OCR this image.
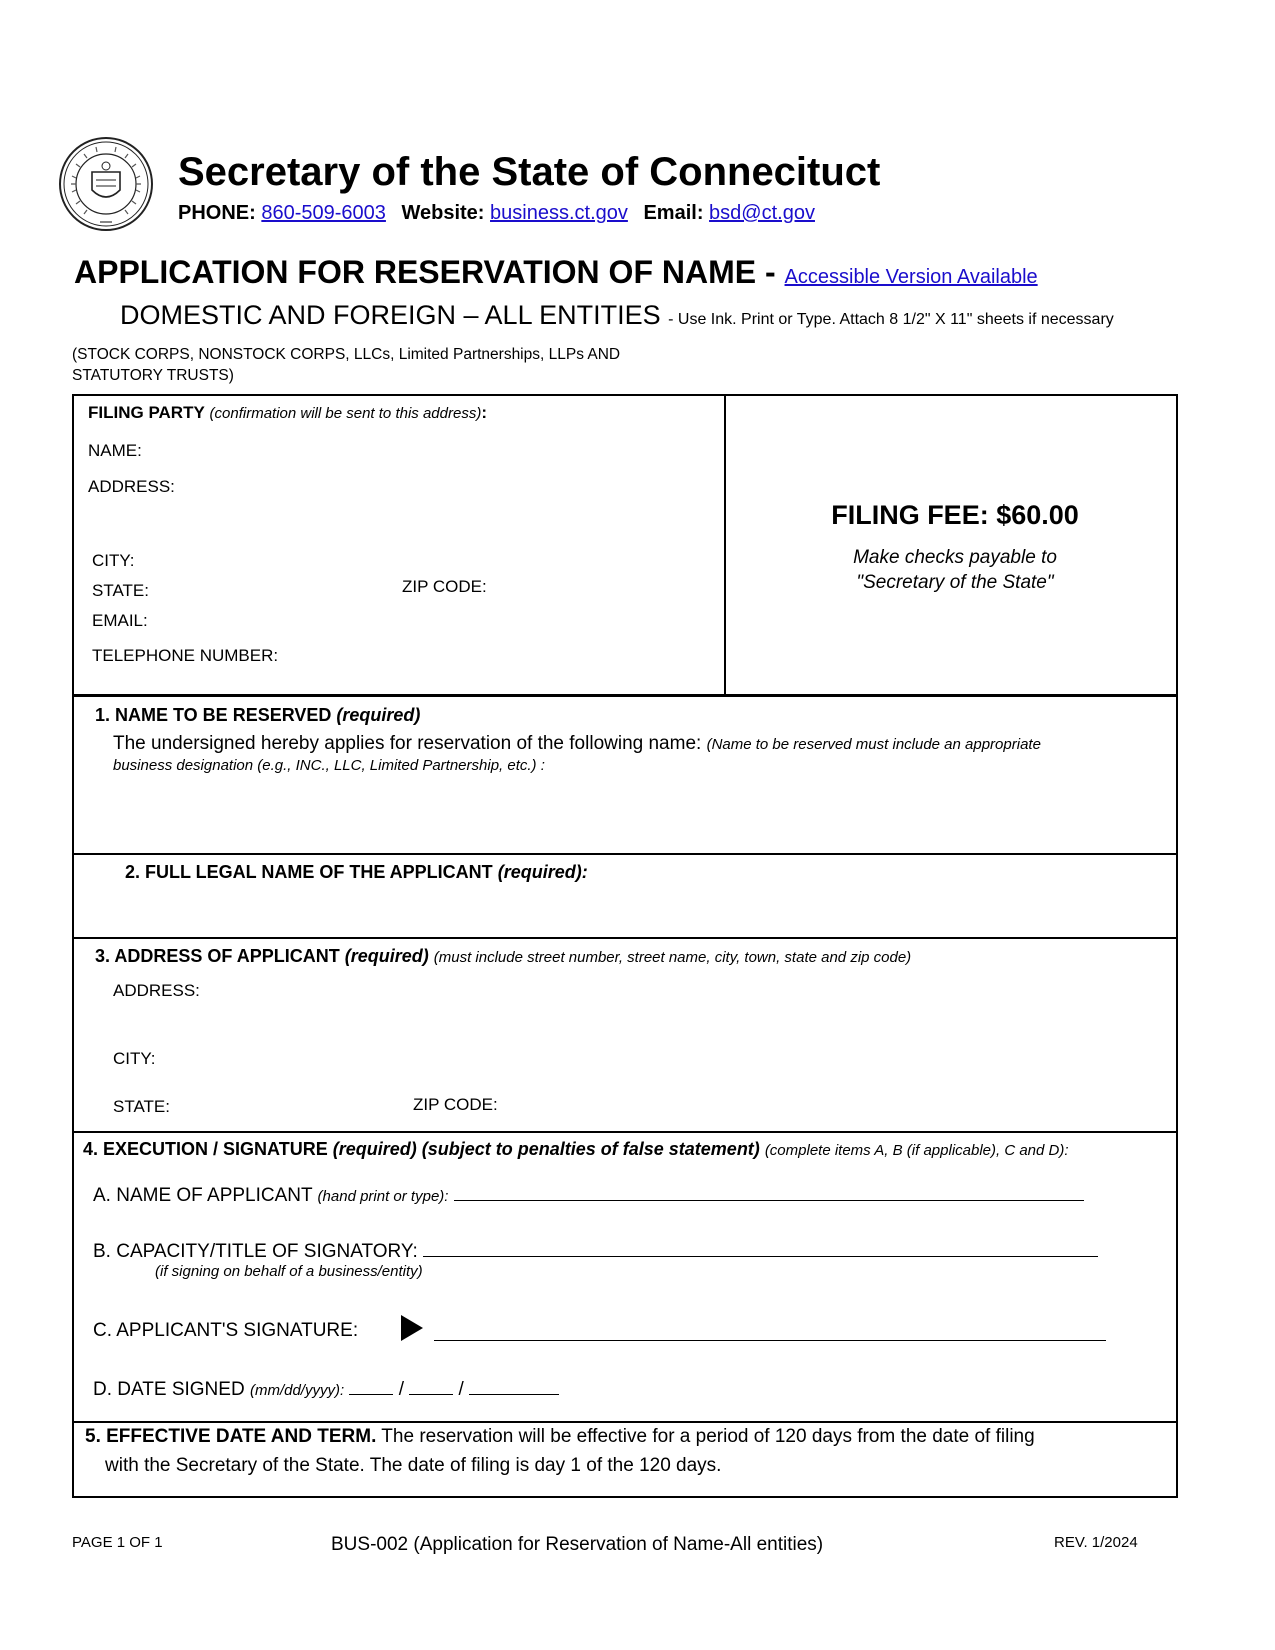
Secretary of the State of Connecituct
PHONE: 860-509-6003 Website: business.ct.gov Email: bsd@ct.gov
APPLICATION FOR RESERVATION OF NAME - Accessible Version Available
DOMESTIC AND FOREIGN – ALL ENTITIES - Use Ink. Print or Type. Attach 8 1/2" X 11" sheets if necessary
(STOCK CORPS, NONSTOCK CORPS, LLCs, Limited Partnerships, LLPs AND
STATUTORY TRUSTS)
FILING PARTY (confirmation will be sent to this address):
NAME:
ADDRESS:
CITY:
STATE:	ZIP CODE:
EMAIL:
TELEPHONE NUMBER:
FILING FEE: $60.00
Make checks payable to
"Secretary of the State"
1. NAME TO BE RESERVED (required)
The undersigned hereby applies for reservation of the following name: (Name to be reserved must include an appropriate
business designation (e.g., INC., LLC, Limited Partnership, etc.) :
2. FULL LEGAL NAME OF THE APPLICANT (required):
3. ADDRESS OF APPLICANT (required) (must include street number, street name, city, town, state and zip code)
ADDRESS:
CITY:
STATE:	ZIP CODE:
4. EXECUTION / SIGNATURE (required) (subject to penalties of false statement) (complete items A, B (if applicable), C and D):
A. NAME OF APPLICANT (hand print or type):
B. CAPACITY/TITLE OF SIGNATORY:
(if signing on behalf of a business/entity)
C. APPLICANT'S SIGNATURE:
D. DATE SIGNED (mm/dd/yyyy):	/	/
5. EFFECTIVE DATE AND TERM. The reservation will be effective for a period of 120 days from the date of filing
with the Secretary of the State. The date of filing is day 1 of the 120 days.
PAGE 1 OF 1	BUS-002 (Application for Reservation of Name-All entities)	REV. 1/2024
